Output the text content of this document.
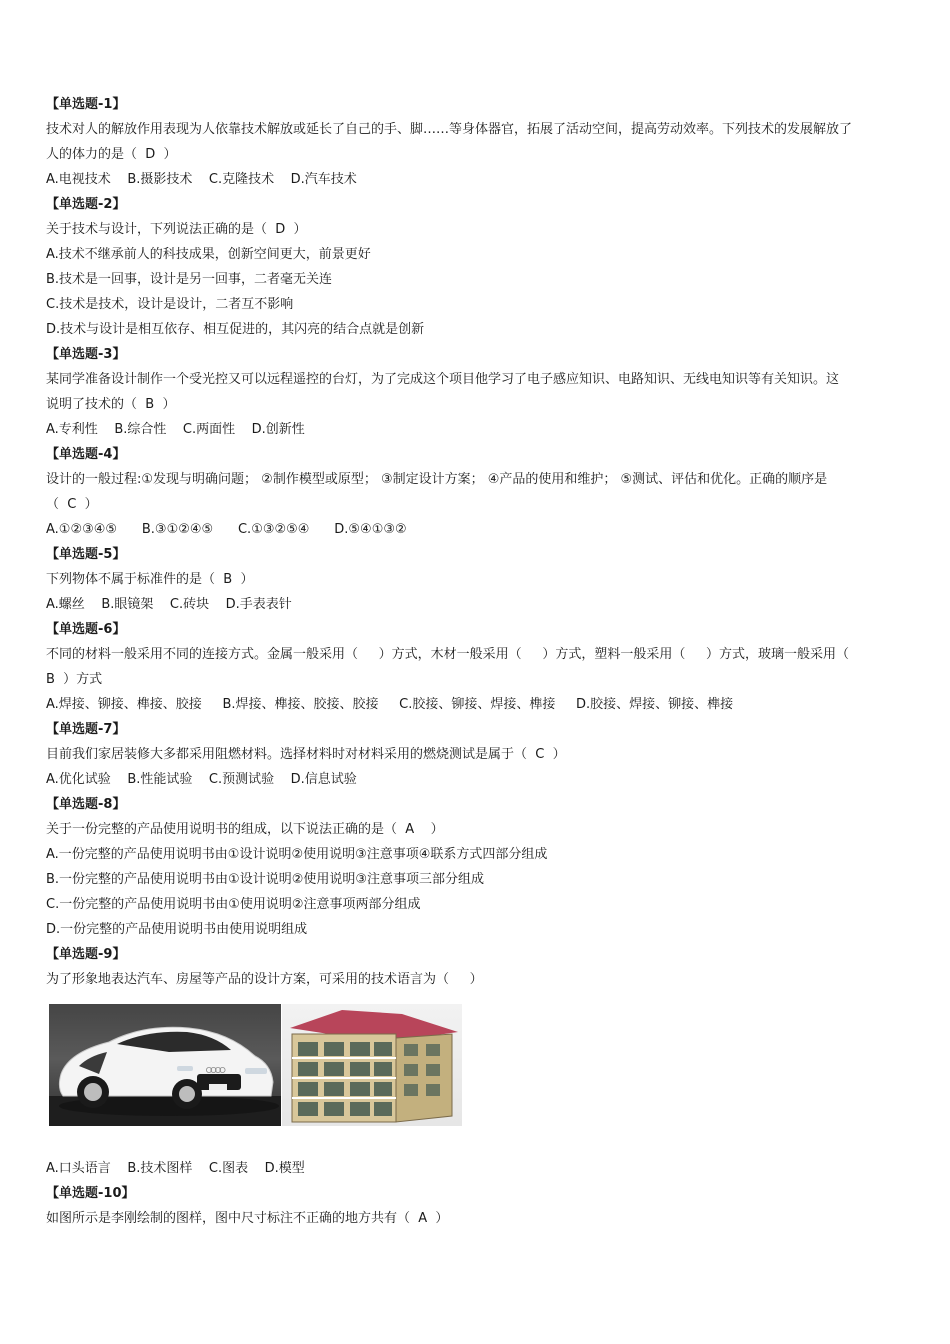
【单选题-1】
技术对人的解放作用表现为人依靠技术解放或延长了自己的手、脚……等身体器官，拓展了活动空间，提高劳动效率。下列技术的发展解放了
人的体力的是（  D  ）
A.电视技术    B.摄影技术    C.克隆技术    D.汽车技术
【单选题-2】
关于技术与设计，下列说法正确的是（  D  ）
A.技术不继承前人的科技成果，创新空间更大，前景更好
B.技术是一回事，设计是另一回事，二者毫无关连
C.技术是技术，设计是设计，二者互不影响
D.技术与设计是相互依存、相互促进的，其闪亮的结合点就是创新
【单选题-3】
某同学准备设计制作一个受光控又可以远程遥控的台灯，为了完成这个项目他学习了电子感应知识、电路知识、无线电知识等有关知识。这
说明了技术的（  B  ）
A.专利性    B.综合性    C.两面性    D.创新性
【单选题-4】
设计的一般过程:①发现与明确问题； ②制作模型或原型； ③制定设计方案； ④产品的使用和维护； ⑤测试、评估和优化。正确的顺序是
（  C  ）
A.①②③④⑤      B.③①②④⑤      C.①③②⑤④      D.⑤④①③②
【单选题-5】
下列物体不属于标准件的是（  B  ）
A.螺丝    B.眼镜架    C.砖块    D.手表表针
【单选题-6】
不同的材料一般采用不同的连接方式。金属一般采用（     ）方式，木材一般采用（     ）方式，塑料一般采用（     ）方式，玻璃一般采用（
B  ）方式
A.焊接、铆接、榫接、胶接     B.焊接、榫接、胶接、胶接     C.胶接、铆接、焊接、榫接     D.胶接、焊接、铆接、榫接
【单选题-7】
目前我们家居装修大多都采用阻燃材料。选择材料时对材料采用的燃烧测试是属于（  C  ）
A.优化试验    B.性能试验    C.预测试验    D.信息试验
【单选题-8】
关于一份完整的产品使用说明书的组成，以下说法正确的是（  A    ）
A.一份完整的产品使用说明书由①设计说明②使用说明③注意事项④联系方式四部分组成
B.一份完整的产品使用说明书由①设计说明②使用说明③注意事项三部分组成
C.一份完整的产品使用说明书由①使用说明②注意事项两部分组成
D.一份完整的产品使用说明书由使用说明组成
【单选题-9】
为了形象地表达汽车、房屋等产品的设计方案，可采用的技术语言为（     ）
A.口头语言    B.技术图样    C.图表    D.模型
【单选题-10】
如图所示是李刚绘制的图样，图中尺寸标注不正确的地方共有（  A  ）
